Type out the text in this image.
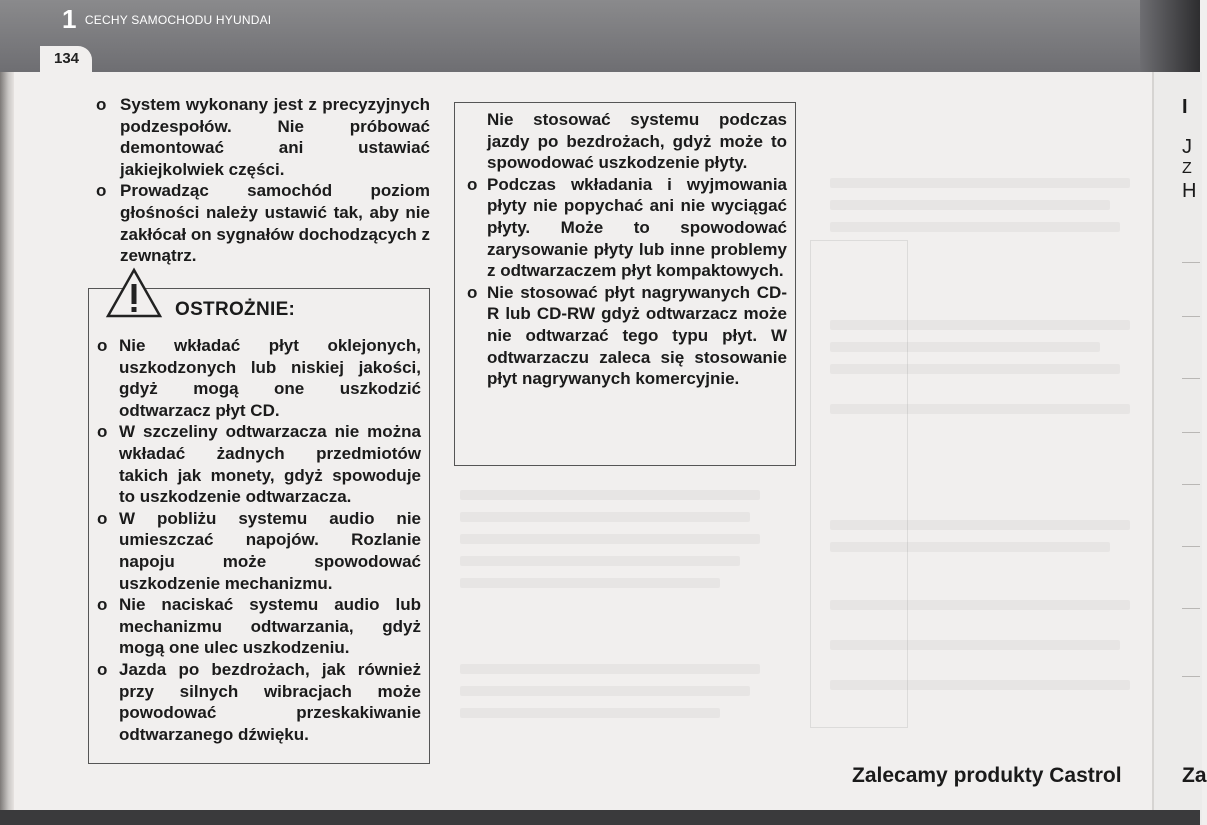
1 CECHY SAMOCHODU HYUNDAI
134
I
J
Z
H
Za
o System wykonany jest z precyzyjnych podzespołów. Nie próbować demontować ani ustawiać jakiejkolwiek części.
o Prowadząc samochód poziom głośności należy ustawić tak, aby nie zakłócał on sygnałów dochodzących z zewnątrz.
OSTROŻNIE:
o Nie wkładać płyt oklejonych, uszkodzonych lub niskiej jakości, gdyż mogą one uszkodzić odtwarzacz płyt CD.
o W szczeliny odtwarzacza nie można wkładać żadnych przedmiotów takich jak monety, gdyż spowoduje to uszkodzenie odtwarzacza.
o W pobliżu systemu audio nie umieszczać napojów. Rozlanie napoju może spowodować uszkodzenie mechanizmu.
o Nie naciskać systemu audio lub mechanizmu odtwarzania, gdyż mogą one ulec uszkodzeniu.
o Jazda po bezdrożach, jak również przy silnych wibracjach może powodować przeskakiwanie odtwarzanego dźwięku.

Nie stosować systemu podczas jazdy po bezdrożach, gdyż może to spowodować uszkodzenie płyty.

o Podczas wkładania i wyjmowania płyty nie popychać ani nie wyciągać płyty. Może to spowodować zarysowanie płyty lub inne problemy z odtwarzaczem płyt kompaktowych.
o Nie stosować płyt nagrywanych CD-R lub CD-RW gdyż odtwarzacz może nie odtwarzać tego typu płyt. W odtwarzaczu zaleca się stosowanie płyt nagrywanych komercyjnie.
Zalecamy produkty Castrol
